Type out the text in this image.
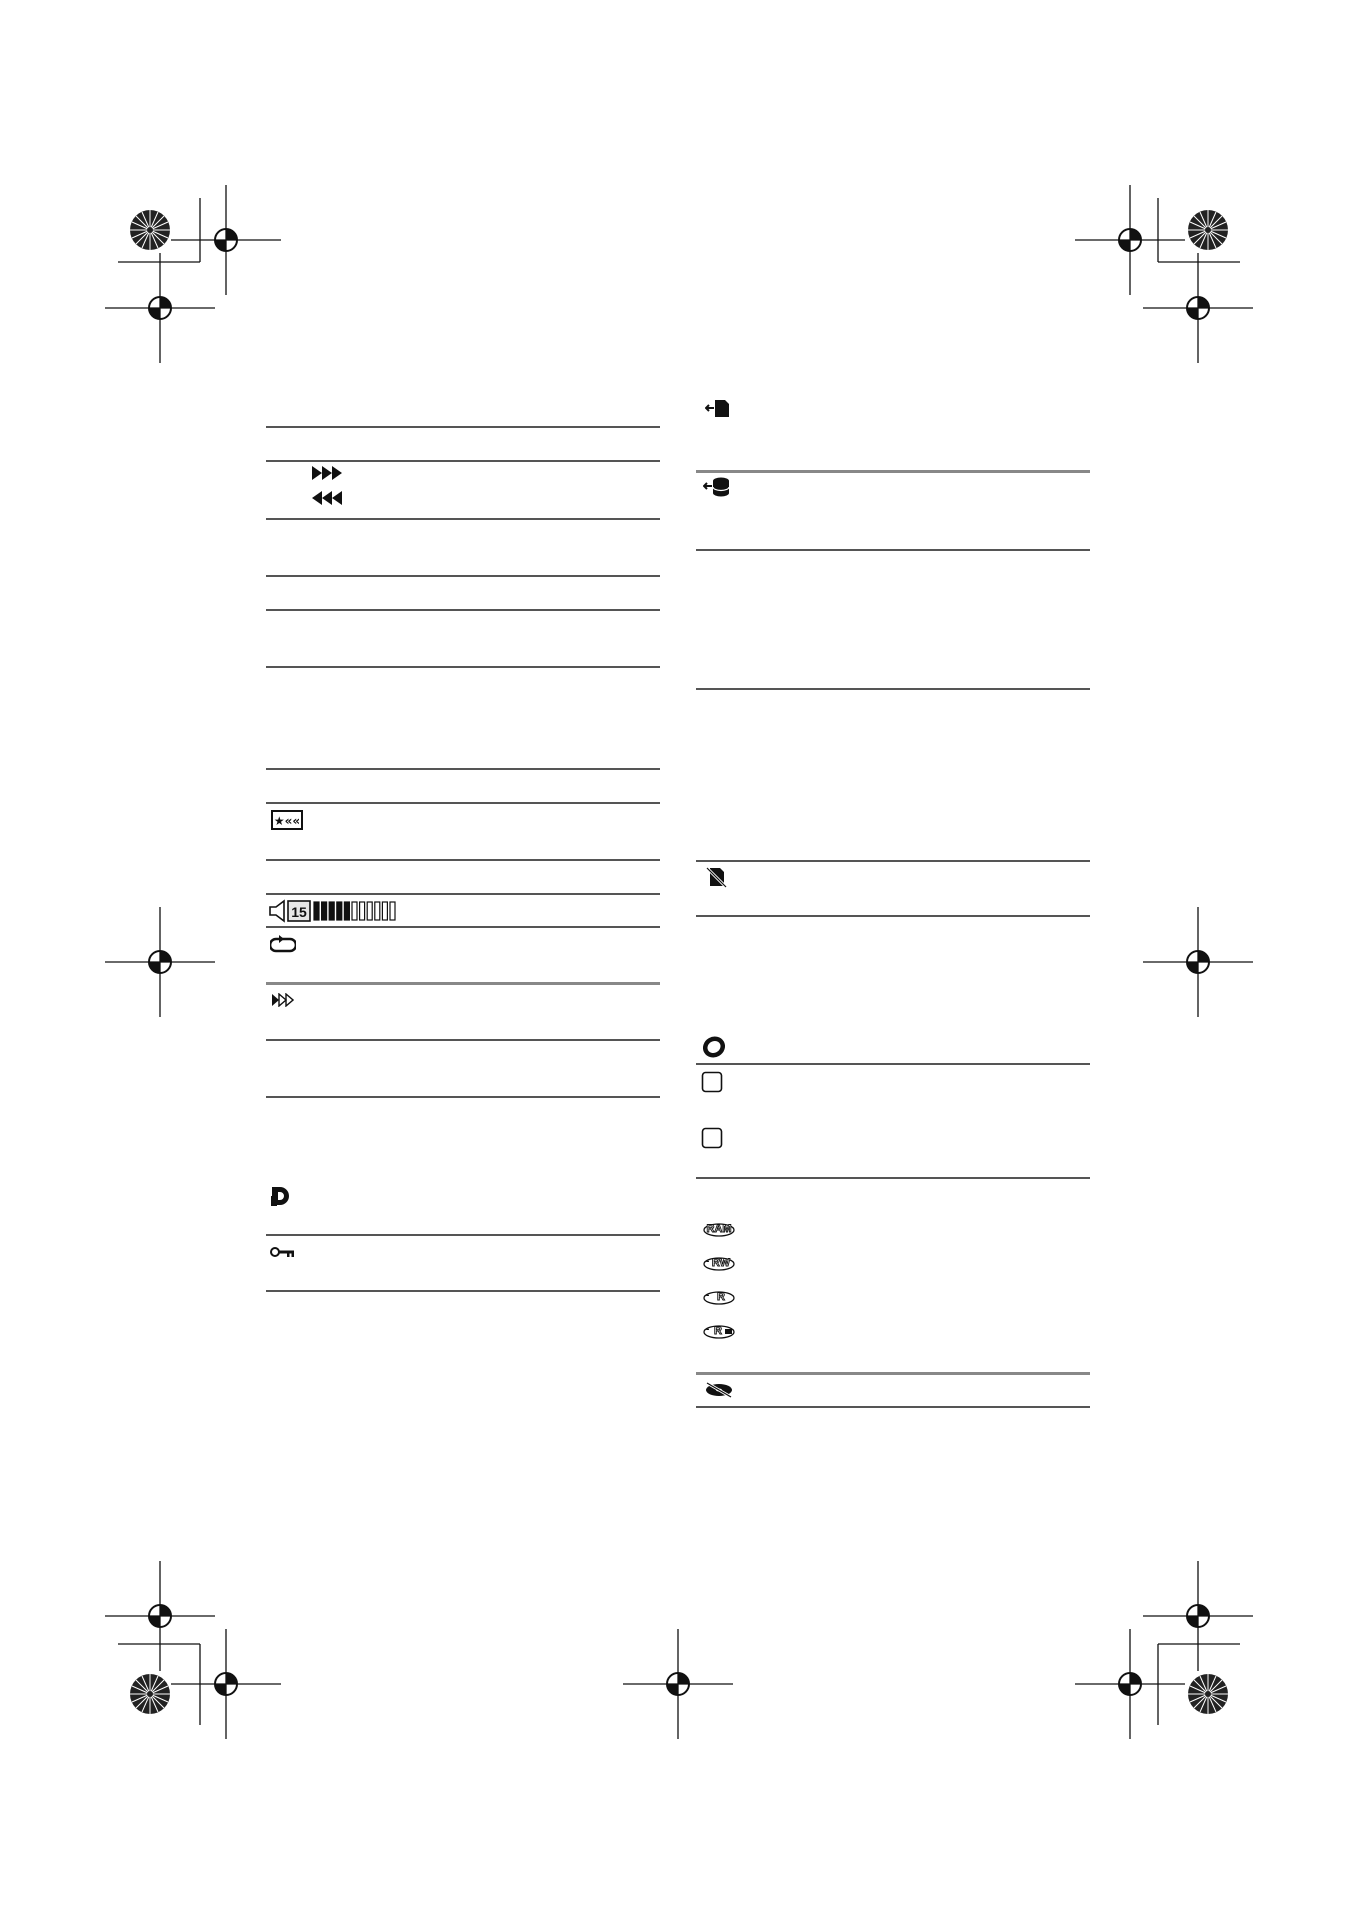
★««
15
RAM
- RW
- R
- R
